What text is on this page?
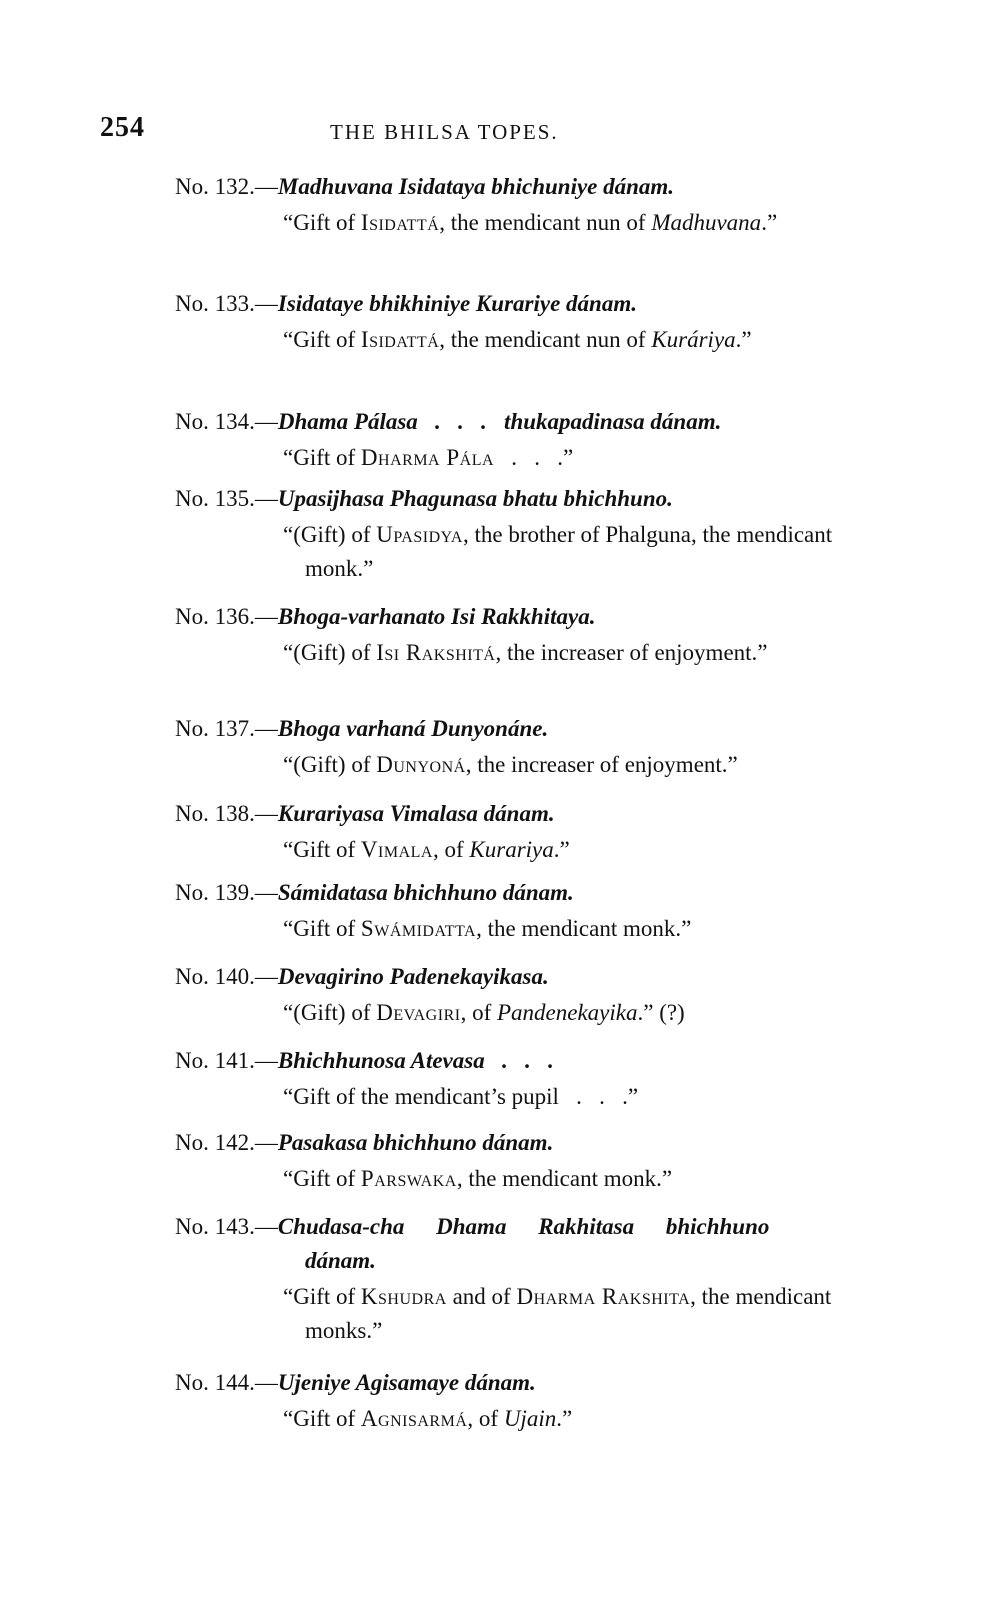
254	THE BHILSA TOPES.
No. 132.—Madhuvana Isidataya bhichuniye dánam.
“Gift of Isidattá, the mendicant nun of Madhuvana.”
No. 133.—Isidataye bhikhiniye Kurariye dánam.
“Gift of Isidattá, the mendicant nun of Kuráriya.”
No. 134.—Dhama Pálasa   .   .   .   thukapadinasa dánam.
“Gift of Dharma Pála   .   .   .”
No. 135.—Upasijhasa Phagunasa bhatu bhichhuno.
“(Gift) of Upasidya, the brother of Phalguna, the mendicant monk.”
No. 136.—Bhoga-varhanato Isi Rakkhitaya.
“(Gift) of Isi Rakshitá, the increaser of enjoyment.”
No. 137.—Bhoga varhaná Dunyonáne.
“(Gift) of Dunyoná, the increaser of enjoyment.”
No. 138.—Kurariyasa Vimalasa dánam.
“Gift of Vimala, of Kurariya.”
No. 139.—Sámidatasa bhichhuno dánam.
“Gift of Swámidatta, the mendicant monk.”
No. 140.—Devagirino Padenekayikasa.
“(Gift) of Devagiri, of Pandenekayika.” (?)
No. 141.—Bhichhunosa Atevasa   .   .   .
“Gift of the mendicant’s pupil   .   .   .”
No. 142.—Pasakasa bhichhuno dánam.
“Gift of Parswaka, the mendicant monk.”
No. 143.—Chudasa-cha Dhama Rakhitasa bhichhuno dánam.
“Gift of Kshudra and of Dharma Rakshita, the mendicant monks.”
No. 144.—Ujeniye Agisamaye dánam.
“Gift of Agnisarmá, of Ujain.”
